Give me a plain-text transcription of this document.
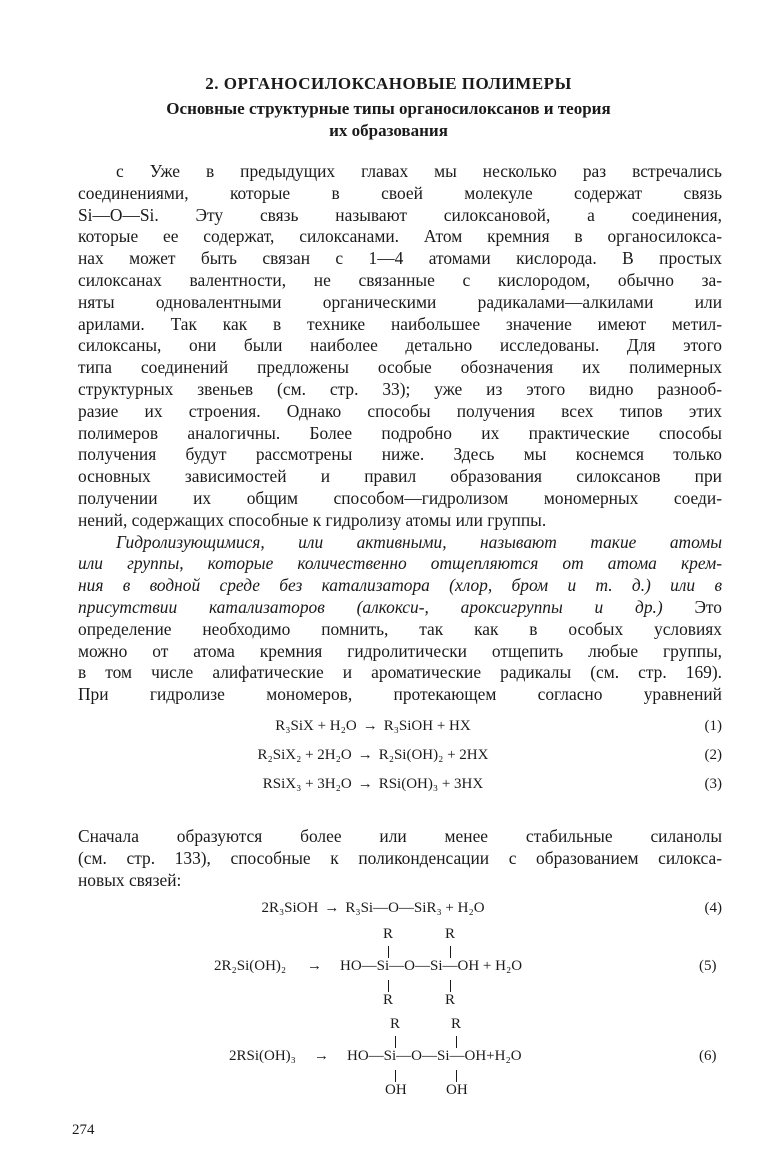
2. ОРГАНОСИЛОКСАНОВЫЕ ПОЛИМЕРЫ
Основные структурные типы органосилоксанов и теория
их образования
с Уже в предыдущих главах мы несколько раз встречались
соединениями, которые в своей молекуле содержат связь
Si—O—Si. Эту связь называют силоксановой, а соединения,
которые ее содержат, силоксанами. Атом кремния в органосилокса-
нах может быть связан с 1—4 атомами кислорода. В простых
силоксанах валентности, не связанные с кислородом, обычно за-
няты одновалентными органическими радикалами—алкилами или
арилами. Так как в технике наибольшее значение имеют метил-
силоксаны, они были наиболее детально исследованы. Для этого
типа соединений предложены особые обозначения их полимерных
структурных звеньев (см. стр. 33); уже из этого видно разнооб-
разие их строения. Однако способы получения всех типов этих
полимеров аналогичны. Более подробно их практические способы
получения будут рассмотрены ниже. Здесь мы коснемся только
основных зависимостей и правил образования силоксанов при
получении их общим способом—гидролизом мономерных соеди-
нений, содержащих способные к гидролизу атомы или группы.
Гидролизующимися, или активными, называют такие атомы
или группы, которые количественно отщепляются от атома крем-
ния в водной среде без катализатора (хлор, бром и т. д.) или в
присутствии катализаторов (алкокси-, ароксигруппы и др.) Это
определение необходимо помнить, так как в особых условиях
можно от атома кремния гидролитически отщепить любые группы,
в том числе алифатические и ароматические радикалы (см. стр. 169).
При гидролизе мономеров, протекающем согласно уравнений
R₃SiX + H₂O → R₃SiOH + HX	(1)
R₂SiX₂ + 2H₂O → R₂Si(OH)₂ + 2HX	(2)
RSiX₃ + 3H₂O → RSi(OH)₃ + 3HX	(3)
Сначала образуются более или менее стабильные силанолы
(см. стр. 133), способные к поликонденсации с образованием силокса-
новых связей:
2R₃SiOH → R₃Si—O—SiR₃ + H₂O	(4)
R	R
2R₂Si(OH)₂ → HO—Si—O—Si—OH + H₂O	(5)
R	R
R	R
2RSi(OH)₃ → HO—Si—O—Si—OH+H₂O	(6)
OH	OH
274
